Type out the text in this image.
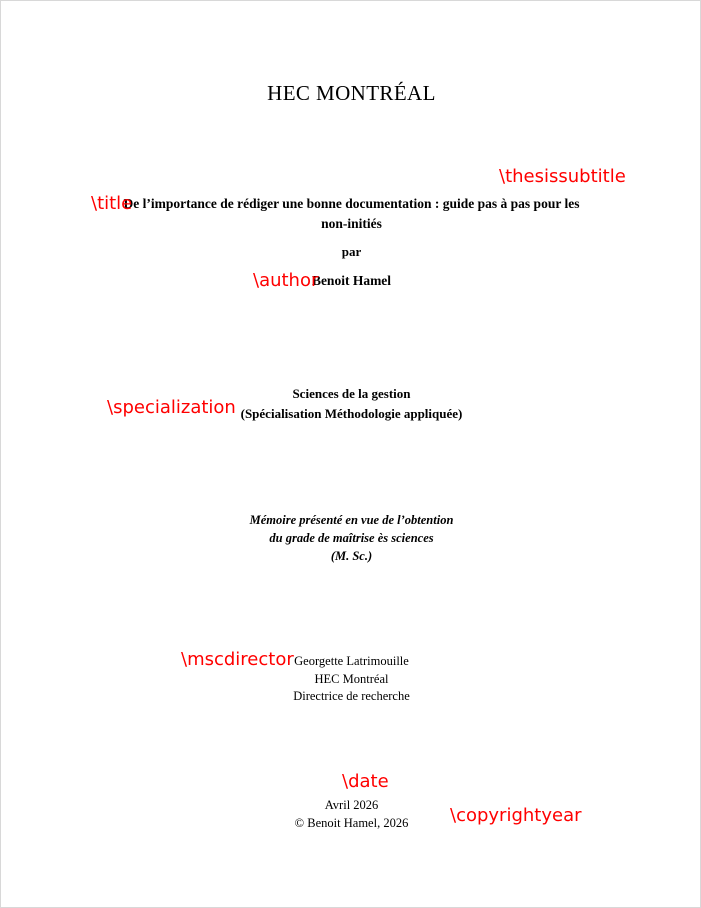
HEC MONTRÉAL
De l’importance de rédiger une bonne documentation : guide pas à pas pour les
non-initiés
par
Benoit Hamel
Sciences de la gestion
(Spécialisation Méthodologie appliquée)
Mémoire présenté en vue de l’obtention
du grade de maîtrise ès sciences
(M. Sc.)
Georgette Latrimouille
HEC Montréal
Directrice de recherche
Avril 2026
© Benoit Hamel, 2026
\thesissubtitle
\title
\author
\specialization
\mscdirector
\date
\copyrightyear
